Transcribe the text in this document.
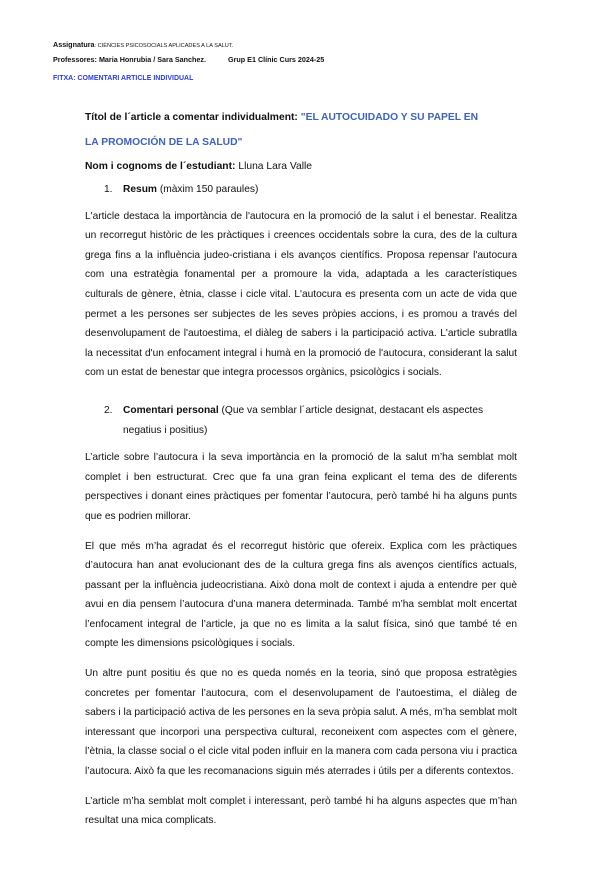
Assignatura: CIÈNCIES PSICOSOCIALS APLICADES A LA SALUT.
Professores: Maria Honrubia / Sara Sanchez.	Grup E1 Clínic Curs 2024-25
FITXA: COMENTARI ARTICLE INDIVIDUAL
Títol de l´article a comentar individualment: "EL AUTOCUIDADO Y SU PAPEL EN
LA PROMOCIÓN DE LA SALUD"
Nom i cognoms de l´estudiant: Lluna Lara Valle
1.	Resum (màxim 150 paraules)
L'article destaca la importància de l'autocura en la promoció de la salut i el benestar. Realitza un recorregut històric de les pràctiques i creences occidentals sobre la cura, des de la cultura grega fins a la influència judeo-cristiana i els avanços científics. Proposa repensar l'autocura com una estratègia fonamental per a promoure la vida, adaptada a les característiques culturals de gènere, ètnia, classe i cicle vital. L'autocura es presenta com un acte de vida que permet a les persones ser subjectes de les seves pròpies accions, i es promou a través del desenvolupament de l'autoestima, el diàleg de sabers i la participació activa. L'article subratlla la necessitat d'un enfocament integral i humà en la promoció de l'autocura, considerant la salut com un estat de benestar que integra processos orgànics, psicològics i socials.
2.	Comentari personal (Que va semblar l´article designat, destacant els aspectes negatius i positius)
L’article sobre l’autocura i la seva importància en la promoció de la salut m’ha semblat molt complet i ben estructurat. Crec que fa una gran feina explicant el tema des de diferents perspectives i donant eines pràctiques per fomentar l’autocura, però també hi ha alguns punts que es podrien millorar.
El que més m’ha agradat és el recorregut històric que ofereix. Explica com les pràctiques d’autocura han anat evolucionant des de la cultura grega fins als avenços científics actuals, passant per la influència judeocristiana. Això dona molt de context i ajuda a entendre per què avui en dia pensem l’autocura d’una manera determinada. També m’ha semblat molt encertat l’enfocament integral de l’article, ja que no es limita a la salut física, sinó que també té en compte les dimensions psicològiques i socials.
Un altre punt positiu és que no es queda només en la teoria, sinó que proposa estratègies concretes per fomentar l’autocura, com el desenvolupament de l’autoestima, el diàleg de sabers i la participació activa de les persones en la seva pròpia salut. A més, m’ha semblat molt interessant que incorpori una perspectiva cultural, reconeixent com aspectes com el gènere, l’ètnia, la classe social o el cicle vital poden influir en la manera com cada persona viu i practica l’autocura. Això fa que les recomanacions siguin més aterrades i útils per a diferents contextos.
L’article m’ha semblat molt complet i interessant, però també hi ha alguns aspectes que m’han resultat una mica complicats.
